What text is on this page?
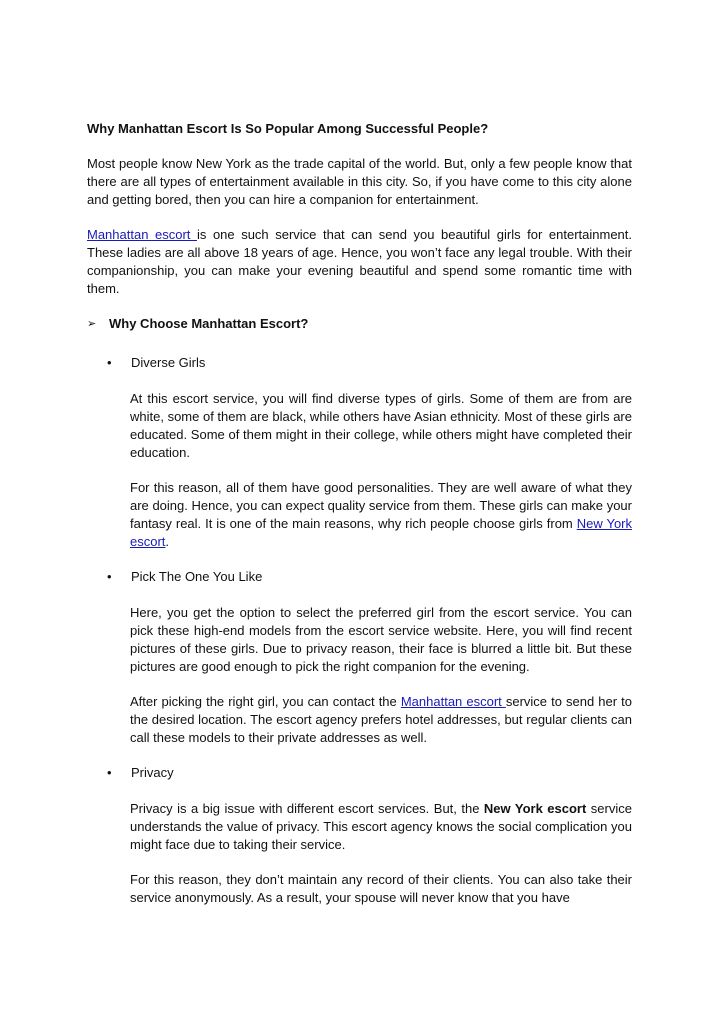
Why Manhattan Escort Is So Popular Among Successful People?

Most people know New York as the trade capital of the world. But, only a few people know that there are all types of entertainment available in this city. So, if you have come to this city alone and getting bored, then you can hire a companion for entertainment.

Manhattan escort is one such service that can send you beautiful girls for entertainment. These ladies are all above 18 years of age. Hence, you won’t face any legal trouble. With their companionship, you can make your evening beautiful and spend some romantic time with them.

➢ Why Choose Manhattan Escort?
•	Diverse Girls

At this escort service, you will find diverse types of girls. Some of them are from are white, some of them are black, while others have Asian ethnicity. Most of these girls are educated. Some of them might in their college, while others might have completed their education.

For this reason, all of them have good personalities. They are well aware of what they are doing. Hence, you can expect quality service from them. These girls can make your fantasy real. It is one of the main reasons, why rich people choose girls from New York escort.

•	Pick The One You Like

Here, you get the option to select the preferred girl from the escort service. You can pick these high-end models from the escort service website. Here, you will find recent pictures of these girls. Due to privacy reason, their face is blurred a little bit. But these pictures are good enough to pick the right companion for the evening.

After picking the right girl, you can contact the Manhattan escort service to send her to the desired location. The escort agency prefers hotel addresses, but regular clients can call these models to their private addresses as well.

•	Privacy

Privacy is a big issue with different escort services. But, the New York escort service understands the value of privacy. This escort agency knows the social complication you might face due to taking their service.

For this reason, they don’t maintain any record of their clients. You can also take their service anonymously. As a result, your spouse will never know that you have
